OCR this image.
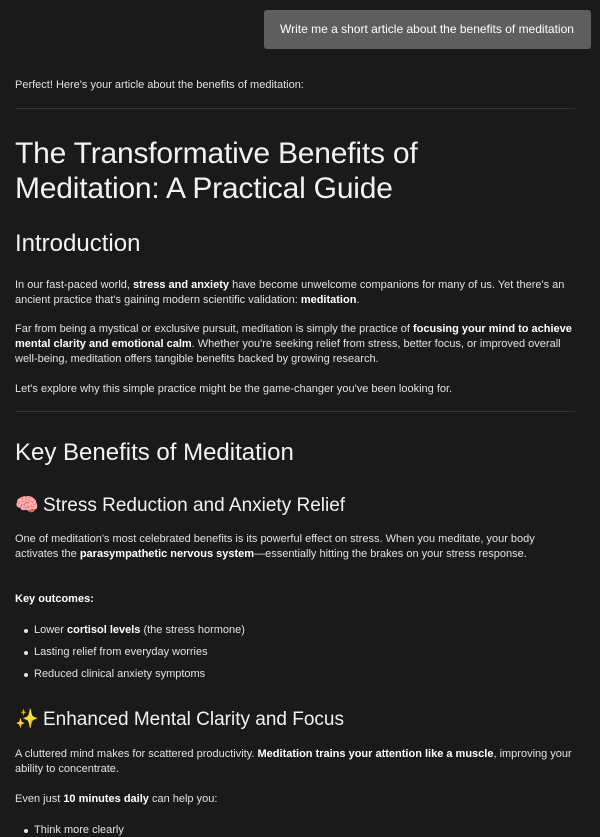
Write me a short article about the benefits of meditation

Perfect! Here's your article about the benefits of meditation:

The Transformative Benefits of
Meditation: A Practical Guide
Introduction

In our fast-paced world, stress and anxiety have become unwelcome companions for many of us. Yet there's an ancient practice that's gaining modern scientific validation: meditation.

Far from being a mystical or exclusive pursuit, meditation is simply the practice of focusing your mind to achieve mental clarity and emotional calm. Whether you're seeking relief from stress, better focus, or improved overall well-being, meditation offers tangible benefits backed by growing research.

Let's explore why this simple practice might be the game-changer you've been looking for.

Key Benefits of Meditation
🧠 Stress Reduction and Anxiety Relief

One of meditation's most celebrated benefits is its powerful effect on stress. When you meditate, your body activates the parasympathetic nervous system—essentially hitting the brakes on your stress response.

Key outcomes:

Lower cortisol levels (the stress hormone)
Lasting relief from everyday worries
Reduced clinical anxiety symptoms
✨ Enhanced Mental Clarity and Focus

A cluttered mind makes for scattered productivity. Meditation trains your attention like a muscle, improving your ability to concentrate.

Even just 10 minutes daily can help you:

Think more clearly
